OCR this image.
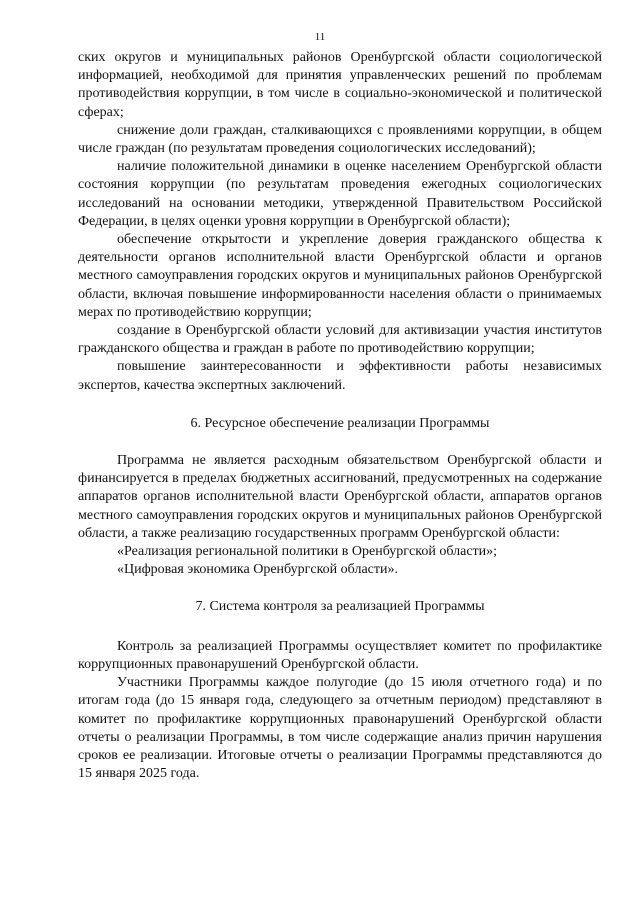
11

ских округов и муниципальных районов Оренбургской области социологической информацией, необходимой для принятия управленческих решений по проблемам противодействия коррупции, в том числе в социально-экономической и политической сферах;

снижение доли граждан, сталкивающихся с проявлениями коррупции, в общем числе граждан (по результатам проведения социологических исследований);

наличие положительной динамики в оценке населением Оренбургской области состояния коррупции (по результатам проведения ежегодных социологических исследований на основании методики, утвержденной Правительством Российской Федерации, в целях оценки уровня коррупции в Оренбургской области);

обеспечение открытости и укрепление доверия гражданского общества к деятельности органов исполнительной власти Оренбургской области и органов местного самоуправления городских округов и муниципальных районов Оренбургской области, включая повышение информированности населения области о принимаемых мерах по противодействию коррупции;

создание в Оренбургской области условий для активизации участия институтов гражданского общества и граждан в работе по противодействию коррупции;

повышение заинтересованности и эффективности работы независимых экспертов, качества экспертных заключений.

6. Ресурсное обеспечение реализации Программы

Программа не является расходным обязательством Оренбургской области и финансируется в пределах бюджетных ассигнований, предусмотренных на содержание аппаратов органов исполнительной власти Оренбургской области, аппаратов органов местного самоуправления городских округов и муниципальных районов Оренбургской области, а также реализацию государственных программ Оренбургской области:

«Реализация региональной политики в Оренбургской области»;

«Цифровая экономика Оренбургской области».

7. Система контроля за реализацией Программы

Контроль за реализацией Программы осуществляет комитет по профилактике коррупционных правонарушений Оренбургской области.

Участники Программы каждое полугодие (до 15 июля отчетного года) и по итогам года (до 15 января года, следующего за отчетным периодом) представляют в комитет по профилактике коррупционных правонарушений Оренбургской области отчеты о реализации Программы, в том числе содержащие анализ причин нарушения сроков ее реализации. Итоговые отчеты о реализации Программы представляются до 15 января 2025 года.
